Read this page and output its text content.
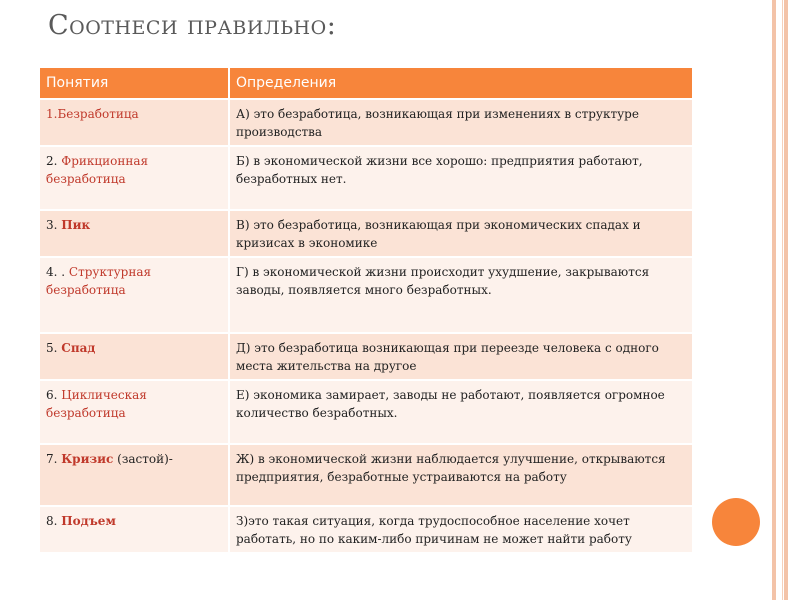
Соотнеси правильно:
Понятия	Определения
1.Безработица	А) это безработица, возникающая при изменениях в структуре производства
2. Фрикционная безработица	Б) в экономической жизни все хорошо: предприятия работают, безработных нет.
3. Пик	В) это безработица, возникающая при экономических спадах и кризисах в экономике
4. . Структурная безработица	Г) в экономической жизни происходит ухудшение, закрываются заводы, появляется много безработных.
5. Спад	Д) это безработица возникающая при переезде человека с одного места жительства на другое
6. Циклическая безработица	Е) экономика замирает, заводы не работают, появляется огромное количество безработных.
7. Кризис (застой)-	Ж) в экономической жизни наблюдается улучшение, открываются предприятия, безработные устраиваются на работу
8. Подъем	З)это такая ситуация, когда трудоспособное население хочет работать, но по каким-либо причинам не может найти работу
